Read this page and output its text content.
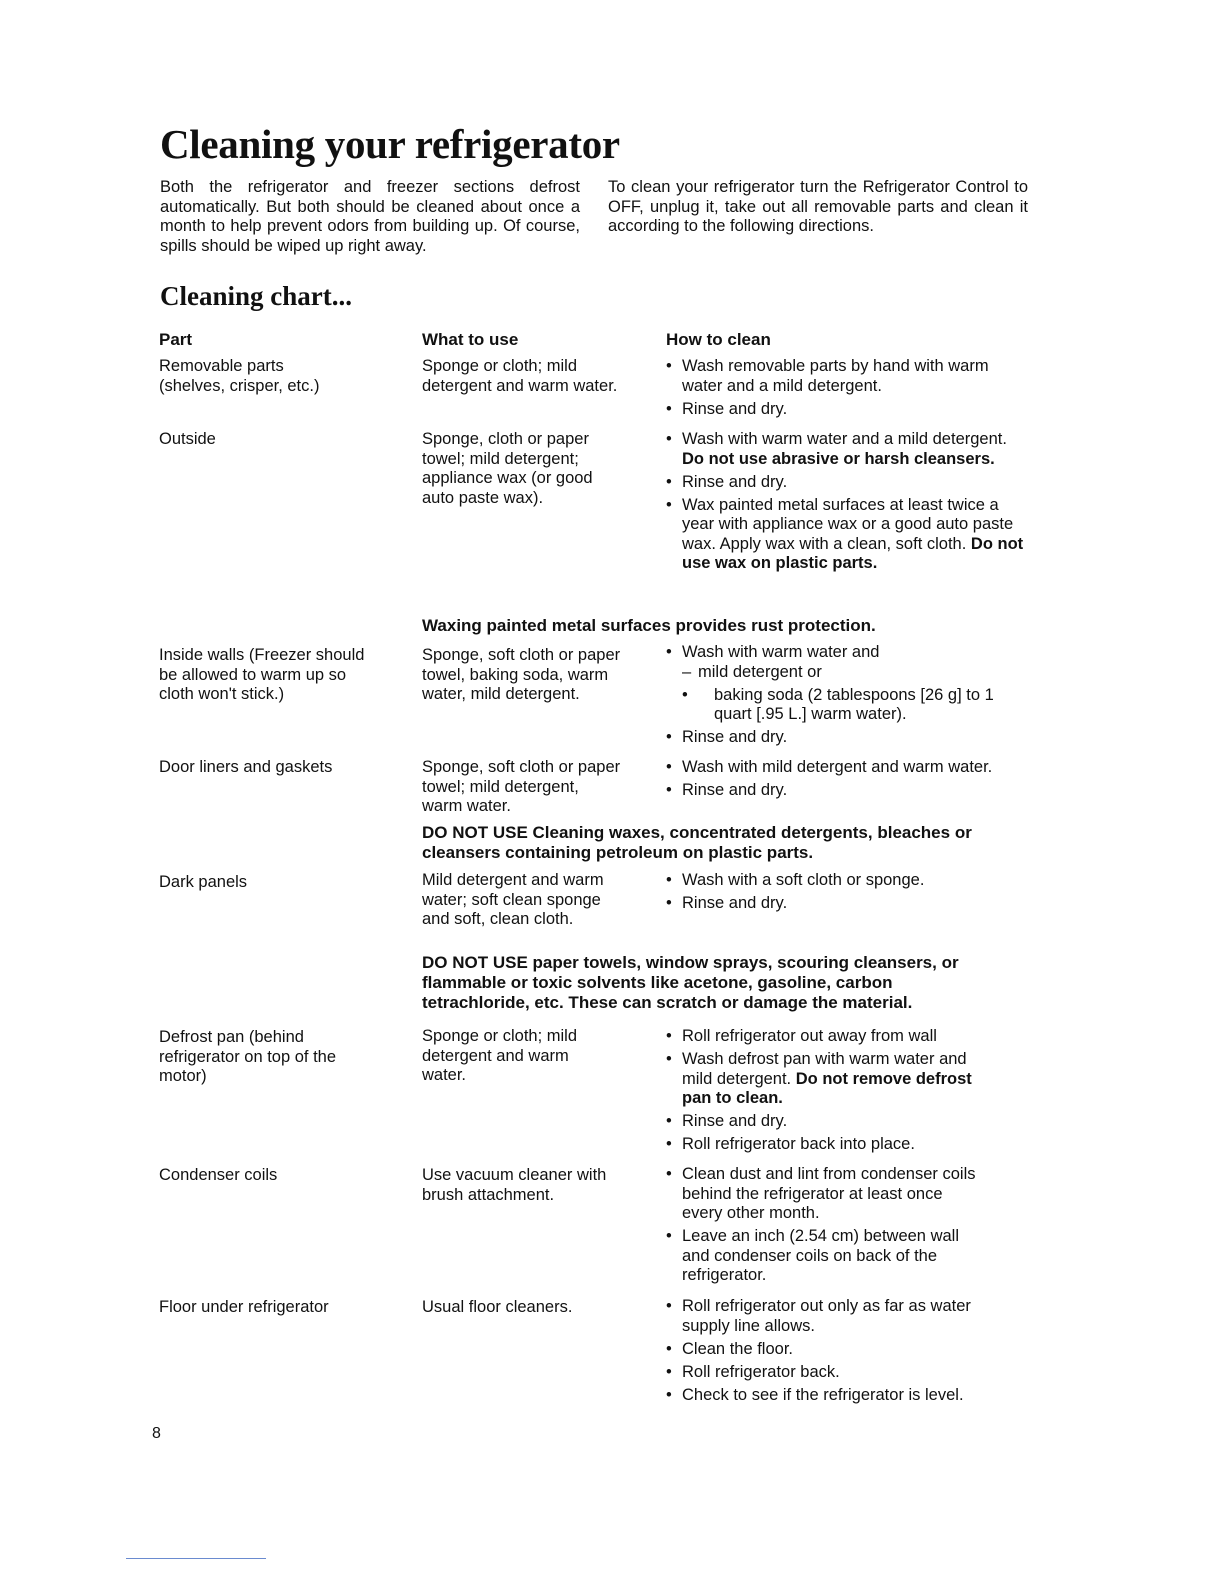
Cleaning your refrigerator

Both the refrigerator and freezer sections defrost automatically. But both should be cleaned about once a month to help prevent odors from building up. Of course, spills should be wiped up right away.

To clean your refrigerator turn the Refrigerator Control to OFF, unplug it, take out all removable parts and clean it according to the following directions.

Cleaning chart...
Part	What to use	How to clean
Removable parts (shelves, crisper, etc.)
Sponge or cloth; mild detergent and warm water.
• Wash removable parts by hand with warm water and a mild detergent.
• Rinse and dry.
Outside	Sponge, cloth or paper towel; mild detergent; appliance wax (or good auto paste wax).
• Wash with warm water and a mild detergent. Do not use abrasive or harsh cleansers.
• Rinse and dry.
• Wax painted metal surfaces at least twice a year with appliance wax or a good auto paste wax. Apply wax with a clean, soft cloth. Do not use wax on plastic parts.
Waxing painted metal surfaces provides rust protection.
Inside walls (Freezer should be allowed to warm up so cloth won't stick.)
Sponge, soft cloth or paper towel, baking soda, warm water, mild detergent.
• Wash with warm water and
– mild detergent or
• baking soda (2 tablespoons [26 g] to 1 quart [.95 L.] warm water).
• Rinse and dry.
Door liners and gaskets	Sponge, soft cloth or paper towel; mild detergent, warm water.
• Wash with mild detergent and warm water.
• Rinse and dry.
DO NOT USE Cleaning waxes, concentrated detergents, bleaches or cleansers containing petroleum on plastic parts.
Dark panels	Mild detergent and warm water; soft clean sponge and soft, clean cloth.
• Wash with a soft cloth or sponge.
• Rinse and dry.
DO NOT USE paper towels, window sprays, scouring cleansers, or flammable or toxic solvents like acetone, gasoline, carbon tetrachloride, etc. These can scratch or damage the material.
Defrost pan (behind refrigerator on top of the motor)
Sponge or cloth; mild detergent and warm water.
• Roll refrigerator out away from wall
• Wash defrost pan with warm water and mild detergent. Do not remove defrost pan to clean.
• Rinse and dry.
• Roll refrigerator back into place.
Condenser coils	Use vacuum cleaner with brush attachment.
• Clean dust and lint from condenser coils behind the refrigerator at least once every other month.
• Leave an inch (2.54 cm) between wall and condenser coils on back of the refrigerator.
Floor under refrigerator	Usual floor cleaners.
•	Roll refrigerator out only as far as water supply line allows.
• Clean the floor.
• Roll refrigerator back.
• Check to see if the refrigerator is level.
8
